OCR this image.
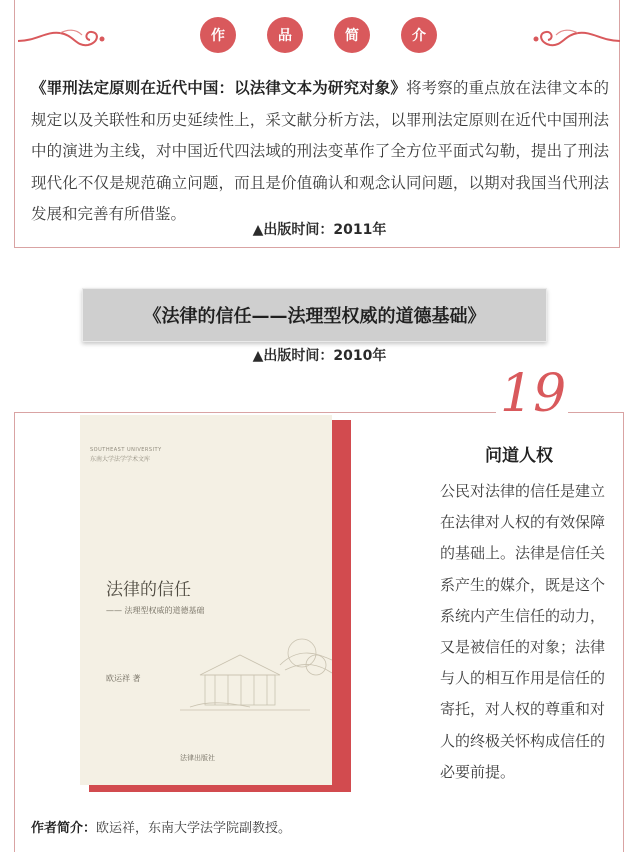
作	品	简	介

《罪刑法定原则在近代中国：以法律文本为研究对象》将考察的重点放在法律文本的规定以及关联性和历史延续性上，采文献分析方法，以罪刑法定原则在近代中国刑法中的演进为主线，对中国近代四法域的刑法变革作了全方位平面式勾勒，提出了刑法现代化不仅是规范确立问题，而且是价值确认和观念认同问题，以期对我国当代刑法发展和完善有所借鉴。

▲出版时间：2011年
《法律的信任——法理型权威的道德基础》
▲出版时间：2010年
19
SOUTHEAST UNIVERSITY
东南大学法学学术文库
法律的信任
—— 法理型权威的道德基础
欧运祥 著
法律出版社
问道人权

公民对法律的信任是建立在法律对人权的有效保障的基础上。法律是信任关系产生的媒介，既是这个系统内产生信任的动力，又是被信任的对象；法律与人的相互作用是信任的寄托，对人权的尊重和对人的终极关怀构成信任的必要前提。

作者简介：欧运祥，东南大学法学院副教授。
